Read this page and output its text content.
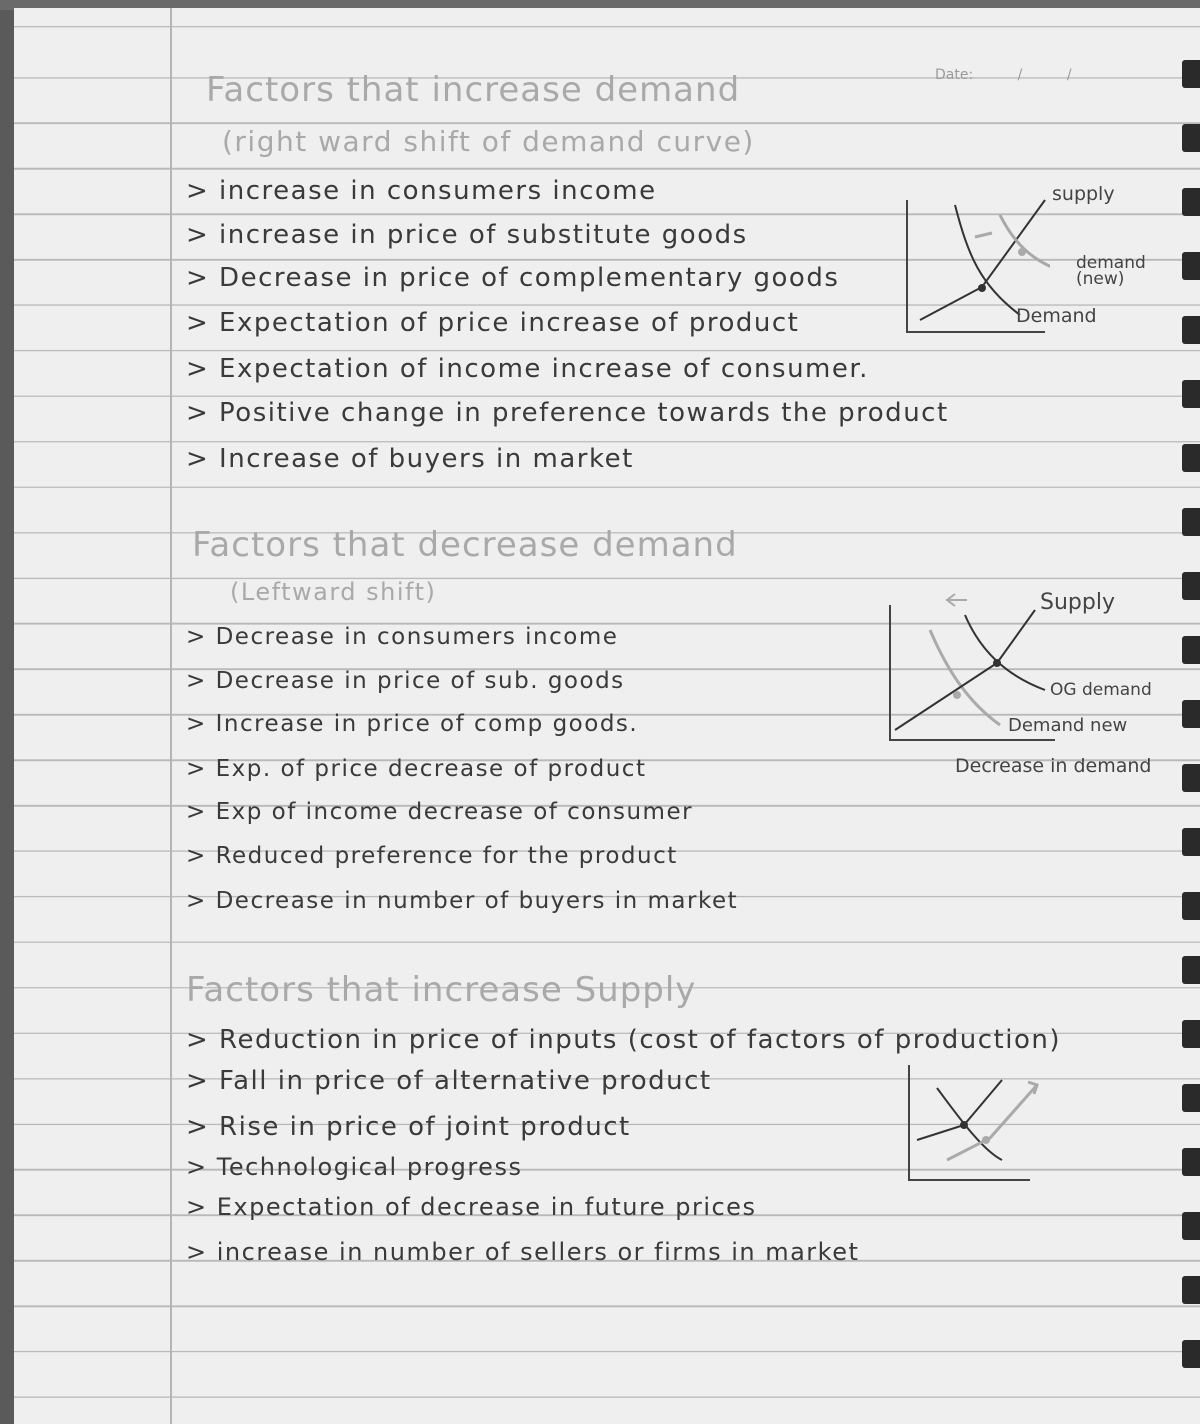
Date:	/	/
Factors that increase demand
(right ward shift of demand curve)
> increase in consumers income
> increase in price of substitute goods
> Decrease in price of complementary goods
> Expectation of price increase of product
> Expectation of income increase of consumer.
> Positive change in preference towards the product
> Increase of buyers in market
supply
demand (new)
Demand
Factors that decrease demand
(Leftward shift)
> Decrease in consumers income
> Decrease in price of sub. goods
> Increase in price of comp goods.
> Exp. of price decrease of product
> Exp of income decrease of consumer
> Reduced preference for the product
> Decrease in number of buyers in market
Supply
OG demand
Demand new
Decrease in demand
Factors that increase Supply
> Reduction in price of inputs (cost of factors of production)
> Fall in price of alternative product
> Rise in price of joint product
> Technological progress
> Expectation of decrease in future prices
> increase in number of sellers or firms in market
